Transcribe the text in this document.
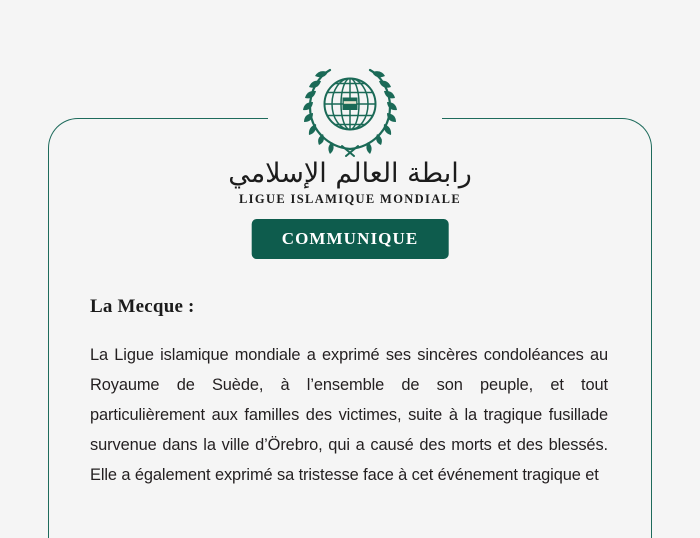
رابطة العالم الإسلامي
LIGUE ISLAMIQUE MONDIALE
COMMUNIQUE
La Mecque :

La Ligue islamique mondiale a exprimé ses sincères condoléances au Royaume de Suède, à l’ensemble de son peuple, et tout particulièrement aux familles des victimes, suite à la tragique fusillade survenue dans la ville d’Örebro, qui a causé des morts et des blessés. Elle a également exprimé sa tristesse face à cet événement tragique et
